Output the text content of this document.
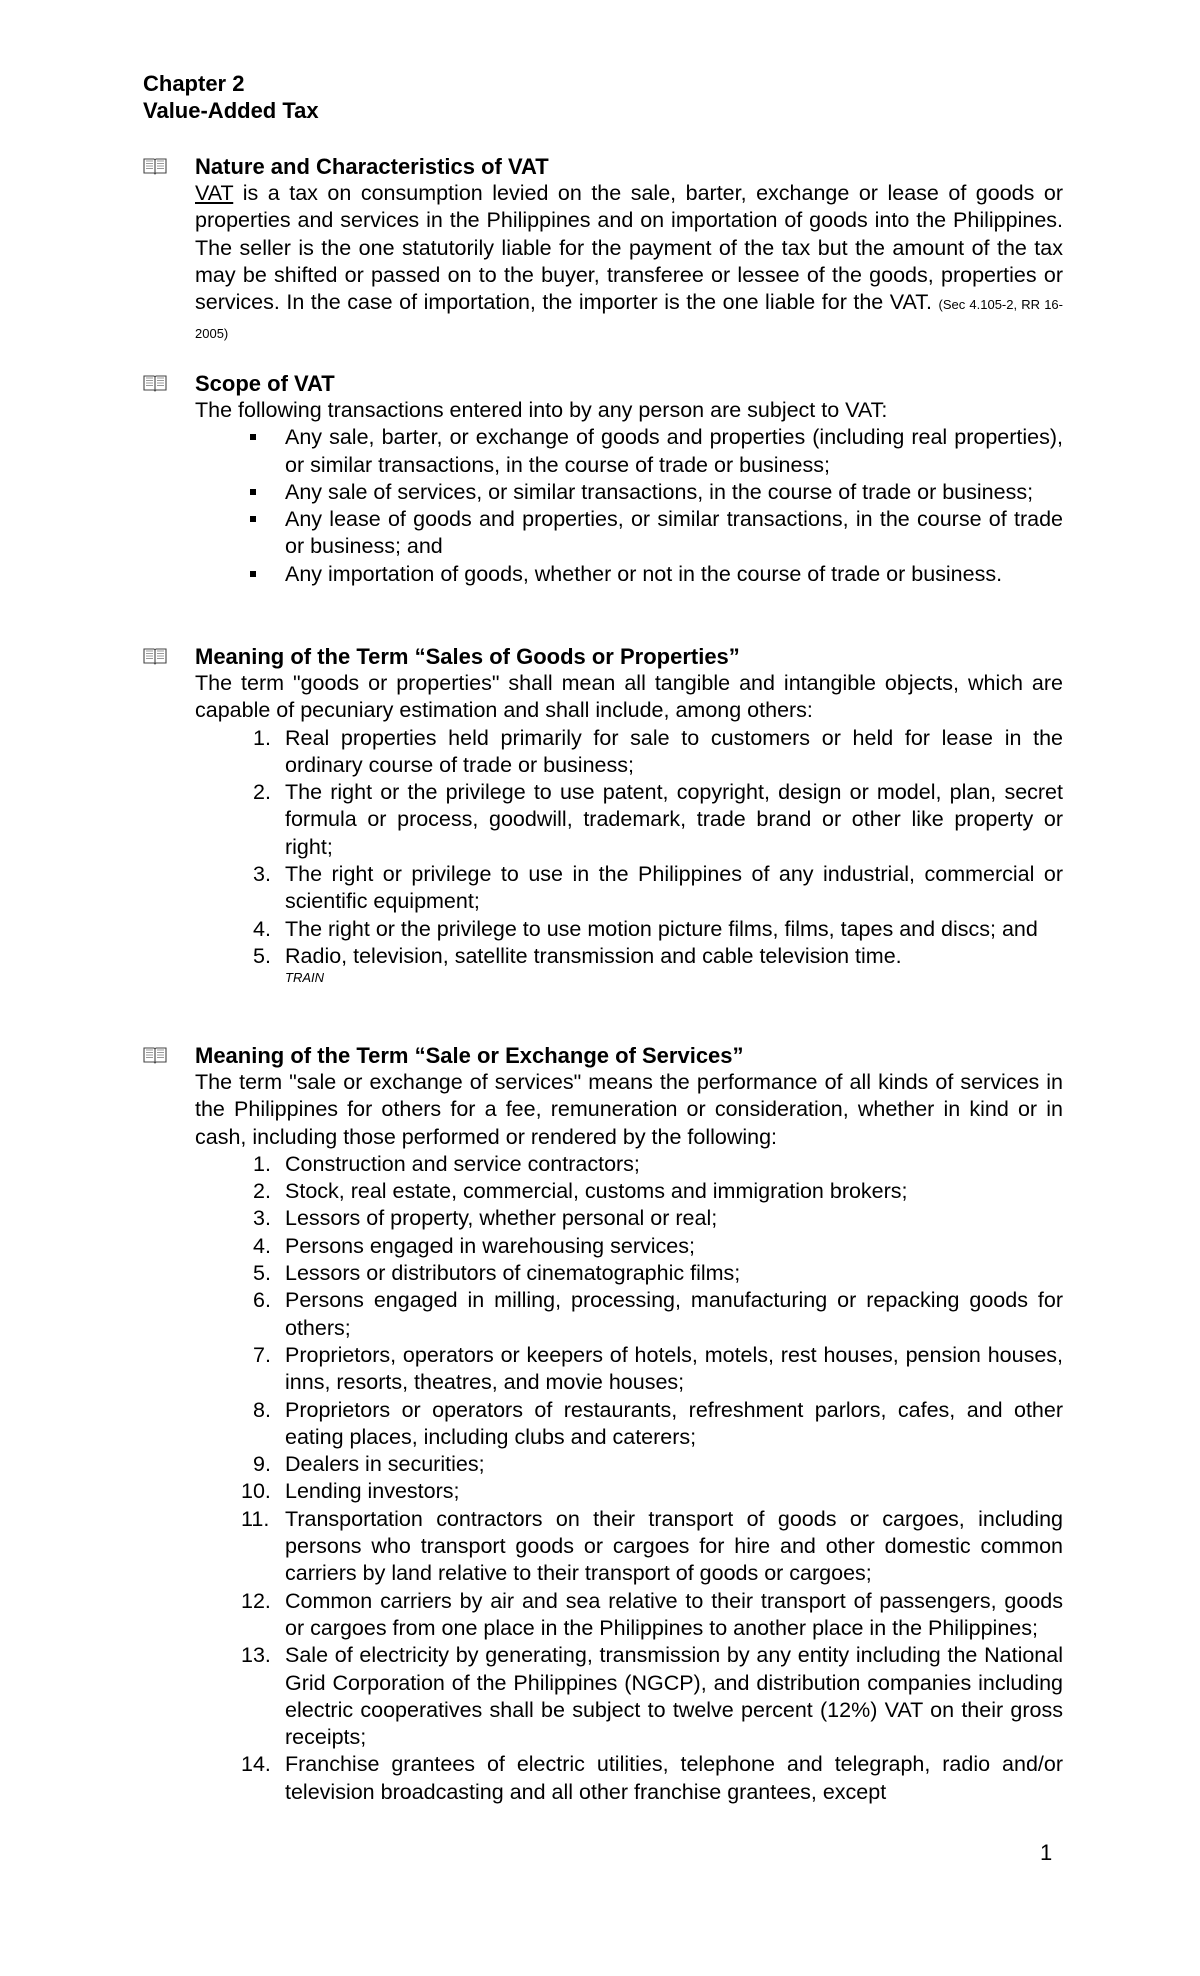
Chapter 2
Value-Added Tax
Nature and Characteristics of VAT
VAT is a tax on consumption levied on the sale, barter, exchange or lease of goods or properties and services in the Philippines and on importation of goods into the Philippines. The seller is the one statutorily liable for the payment of the tax but the amount of the tax may be shifted or passed on to the buyer, transferee or lessee of the goods, properties or services. In the case of importation, the importer is the one liable for the VAT. (Sec 4.105-2, RR 16-2005)
Scope of VAT
The following transactions entered into by any person are subject to VAT:
Any sale, barter, or exchange of goods and properties (including real properties), or similar transactions, in the course of trade or business;
Any sale of services, or similar transactions, in the course of trade or business;
Any lease of goods and properties, or similar transactions, in the course of trade or business; and
Any importation of goods, whether or not in the course of trade or business.
Meaning of the Term “Sales of Goods or Properties”
The term "goods or properties" shall mean all tangible and intangible objects, which are capable of pecuniary estimation and shall include, among others:
1. Real properties held primarily for sale to customers or held for lease in the ordinary course of trade or business;
2. The right or the privilege to use patent, copyright, design or model, plan, secret formula or process, goodwill, trademark, trade brand or other like property or right;
3. The right or privilege to use in the Philippines of any industrial, commercial or scientific equipment;
4. The right or the privilege to use motion picture films, films, tapes and discs; and
5. Radio, television, satellite transmission and cable television time.
TRAIN
Meaning of the Term “Sale or Exchange of Services”
The term "sale or exchange of services" means the performance of all kinds of services in the Philippines for others for a fee, remuneration or consideration, whether in kind or in cash, including those performed or rendered by the following:
1. Construction and service contractors;
2. Stock, real estate, commercial, customs and immigration brokers;
3. Lessors of property, whether personal or real;
4. Persons engaged in warehousing services;
5. Lessors or distributors of cinematographic films;
6. Persons engaged in milling, processing, manufacturing or repacking goods for others;
7. Proprietors, operators or keepers of hotels, motels, rest houses, pension houses, inns, resorts, theatres, and movie houses;
8. Proprietors or operators of restaurants, refreshment parlors, cafes, and other eating places, including clubs and caterers;
9. Dealers in securities;
10. Lending investors;
11. Transportation contractors on their transport of goods or cargoes, including persons who transport goods or cargoes for hire and other domestic common carriers by land relative to their transport of goods or cargoes;
12. Common carriers by air and sea relative to their transport of passengers, goods or cargoes from one place in the Philippines to another place in the Philippines;
13. Sale of electricity by generating, transmission by any entity including the National Grid Corporation of the Philippines (NGCP), and distribution companies including electric cooperatives shall be subject to twelve percent (12%) VAT on their gross receipts;
14. Franchise grantees of electric utilities, telephone and telegraph, radio and/or television broadcasting and all other franchise grantees, except
1
